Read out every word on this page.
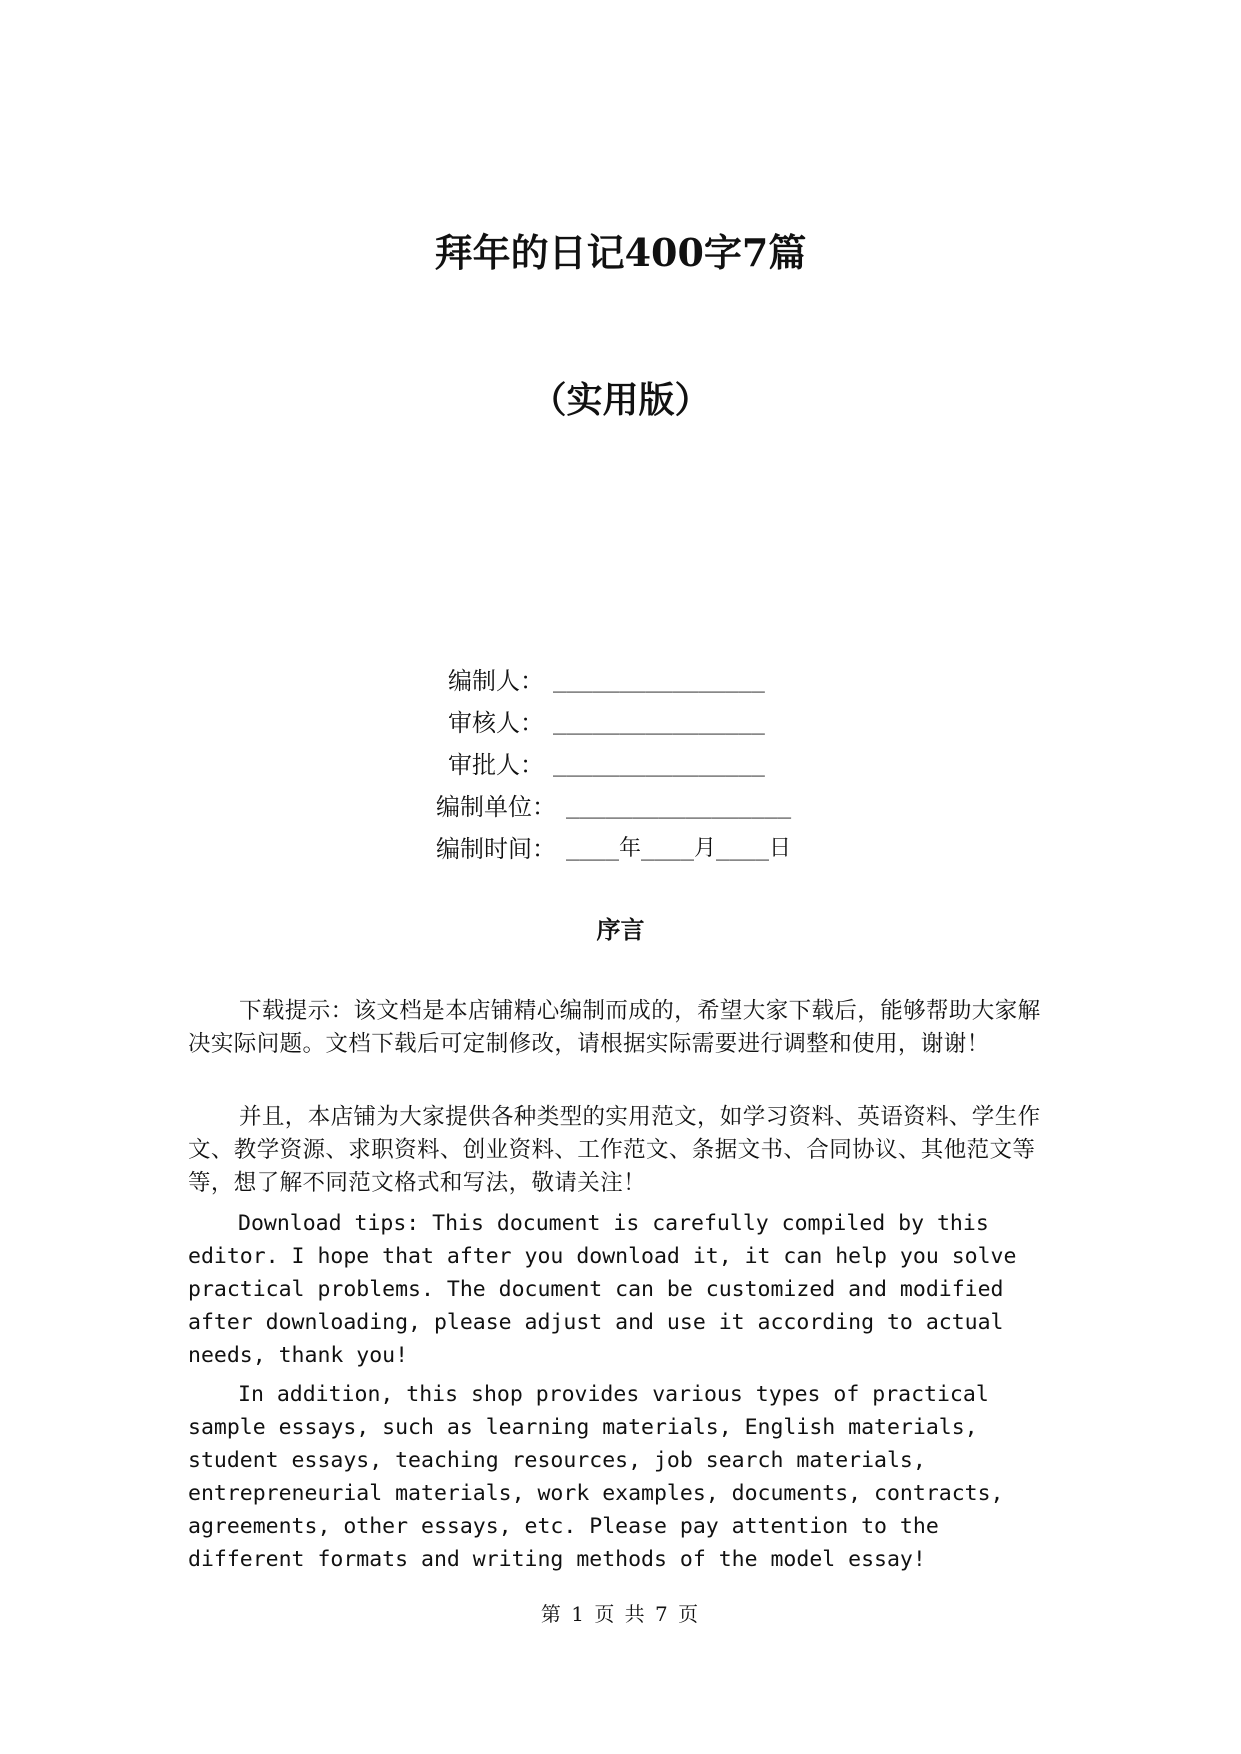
拜年的日记400字7篇
（实用版）
编制人： ________________
审核人： ________________
审批人： ________________
编制单位： _________________
编制时间： ____年____月____日
序言

下载提示：该文档是本店铺精心编制而成的，希望大家下载后，能够帮助大家解决实际问题。文档下载后可定制修改，请根据实际需要进行调整和使用，谢谢！

并且，本店铺为大家提供各种类型的实用范文，如学习资料、英语资料、学生作文、教学资源、求职资料、创业资料、工作范文、条据文书、合同协议、其他范文等等，想了解不同范文格式和写法，敬请关注！

Download tips: This document is carefully compiled by this editor. I hope that after you download it, it can help you solve practical problems. The document can be customized and modified after downloading, please adjust and use it according to actual needs, thank you!

In addition, this shop provides various types of practical sample essays, such as learning materials, English materials, student essays, teaching resources, job search materials, entrepreneurial materials, work examples, documents, contracts, agreements, other essays, etc. Please pay attention to the different formats and writing methods of the model essay!

第 1 页 共 7 页
